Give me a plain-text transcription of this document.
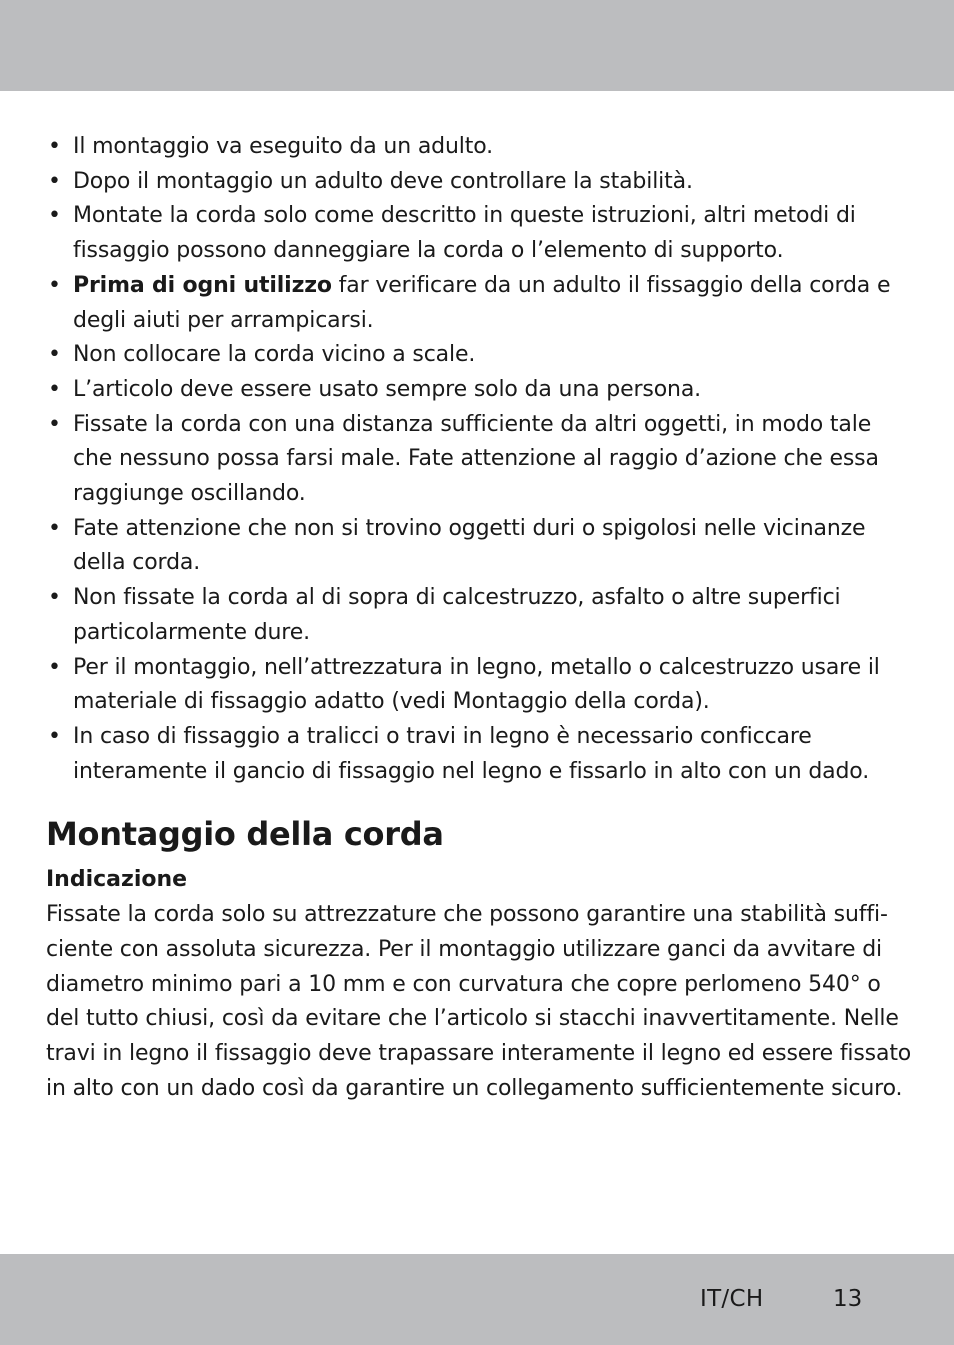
• Il montaggio va eseguito da un adulto.
• Dopo il montaggio un adulto deve controllare la stabilità.
• Montate la corda solo come descritto in queste istruzioni, altri metodi di fissaggio possono danneggiare la corda o l’elemento di supporto.
• Prima di ogni utilizzo far verificare da un adulto il fissaggio della corda e degli aiuti per arrampicarsi.
• Non collocare la corda vicino a scale.
• L’articolo deve essere usato sempre solo da una persona.
• Fissate la corda con una distanza sufficiente da altri oggetti, in modo tale che nessuno possa farsi male. Fate attenzione al raggio d’azione che essa raggiunge oscillando.
• Fate attenzione che non si trovino oggetti duri o spigolosi nelle vicinanze della corda.
• Non fissate la corda al di sopra di calcestruzzo, asfalto o altre superfici particolarmente dure.
• Per il montaggio, nell’attrezzatura in legno, metallo o calcestruzzo usare il materiale di fissaggio adatto (vedi Montaggio della corda).
• In caso di fissaggio a tralicci o travi in legno è necessario conficcare interamente il gancio di fissaggio nel legno e fissarlo in alto con un dado.
Montaggio della corda
Indicazione

Fissate la corda solo su attrezzature che possono garantire una stabilità sufficiente con assoluta sicurezza. Per il montaggio utilizzare ganci da avvitare di diametro minimo pari a 10 mm e con curvatura che copre perlomeno 540° o del tutto chiusi, così da evitare che l’articolo si stacchi inavvertitamente. Nelle travi in legno il fissaggio deve trapassare interamente il legno ed essere fissato in alto con un dado così da garantire un collegamento sufficientemente sicuro.

IT/CH	13
